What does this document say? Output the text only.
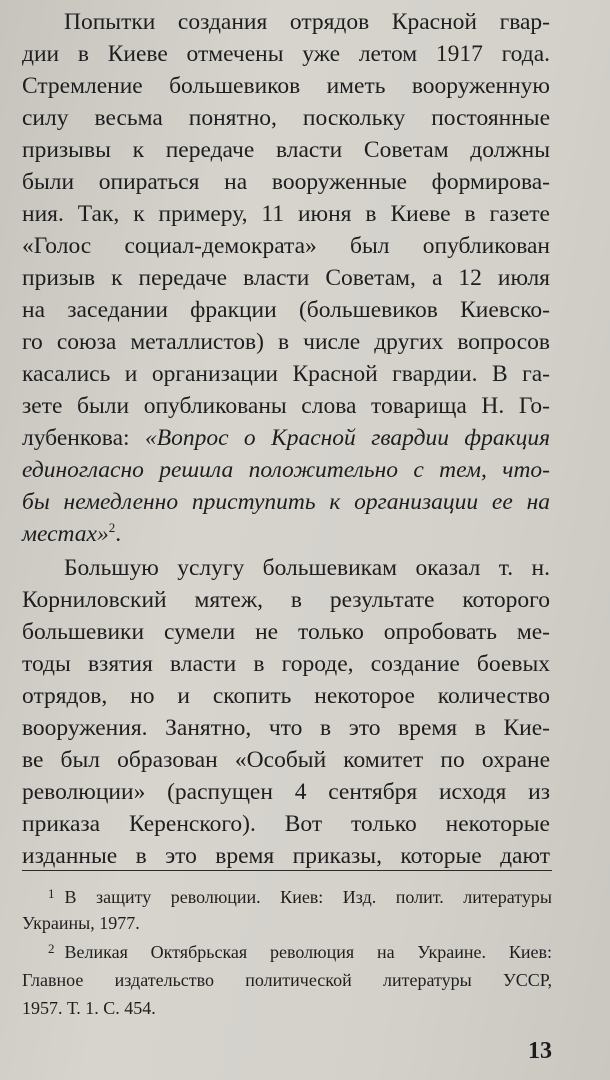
Попытки создания отрядов Красной гвар-
дии в Киеве отмечены уже летом 1917 года.
Стремление большевиков иметь вооруженную
силу весьма понятно, поскольку постоянные
призывы к передаче власти Советам должны
были опираться на вооруженные формирова-
ния. Так, к примеру, 11 июня в Киеве в газете
«Голос социал-демократа» был опубликован
призыв к передаче власти Советам, а 12 июля
на заседании фракции (большевиков Киевско-
го союза металлистов) в числе других вопросов
касались и организации Красной гвардии. В га-
зете были опубликованы слова товарища Н. Го-
лубенкова: «Вопрос о Красной гвардии фракция
единогласно решила положительно с тем, что-
бы немедленно приступить к организации ее на
местах»$^2$.
Большую услугу большевикам оказал т. н.
Корниловский мятеж, в результате которого
большевики сумели не только опробовать ме-
тоды взятия власти в городе, создание боевых
отрядов, но и скопить некоторое количество
вооружения. Занятно, что в это время в Кие-
ве был образован «Особый комитет по охране
революции» (распущен 4 сентября исходя из
приказа Керенского). Вот только некоторые
изданные в это время приказы, которые дают
$^1$ В защиту революции. Киев: Изд. полит. литературы
Украины, 1977.
$^2$ Великая Октябрьская революция на Украине. Киев:
Главное издательство политической литературы УССР,
1957. Т. 1. С. 454.
13
